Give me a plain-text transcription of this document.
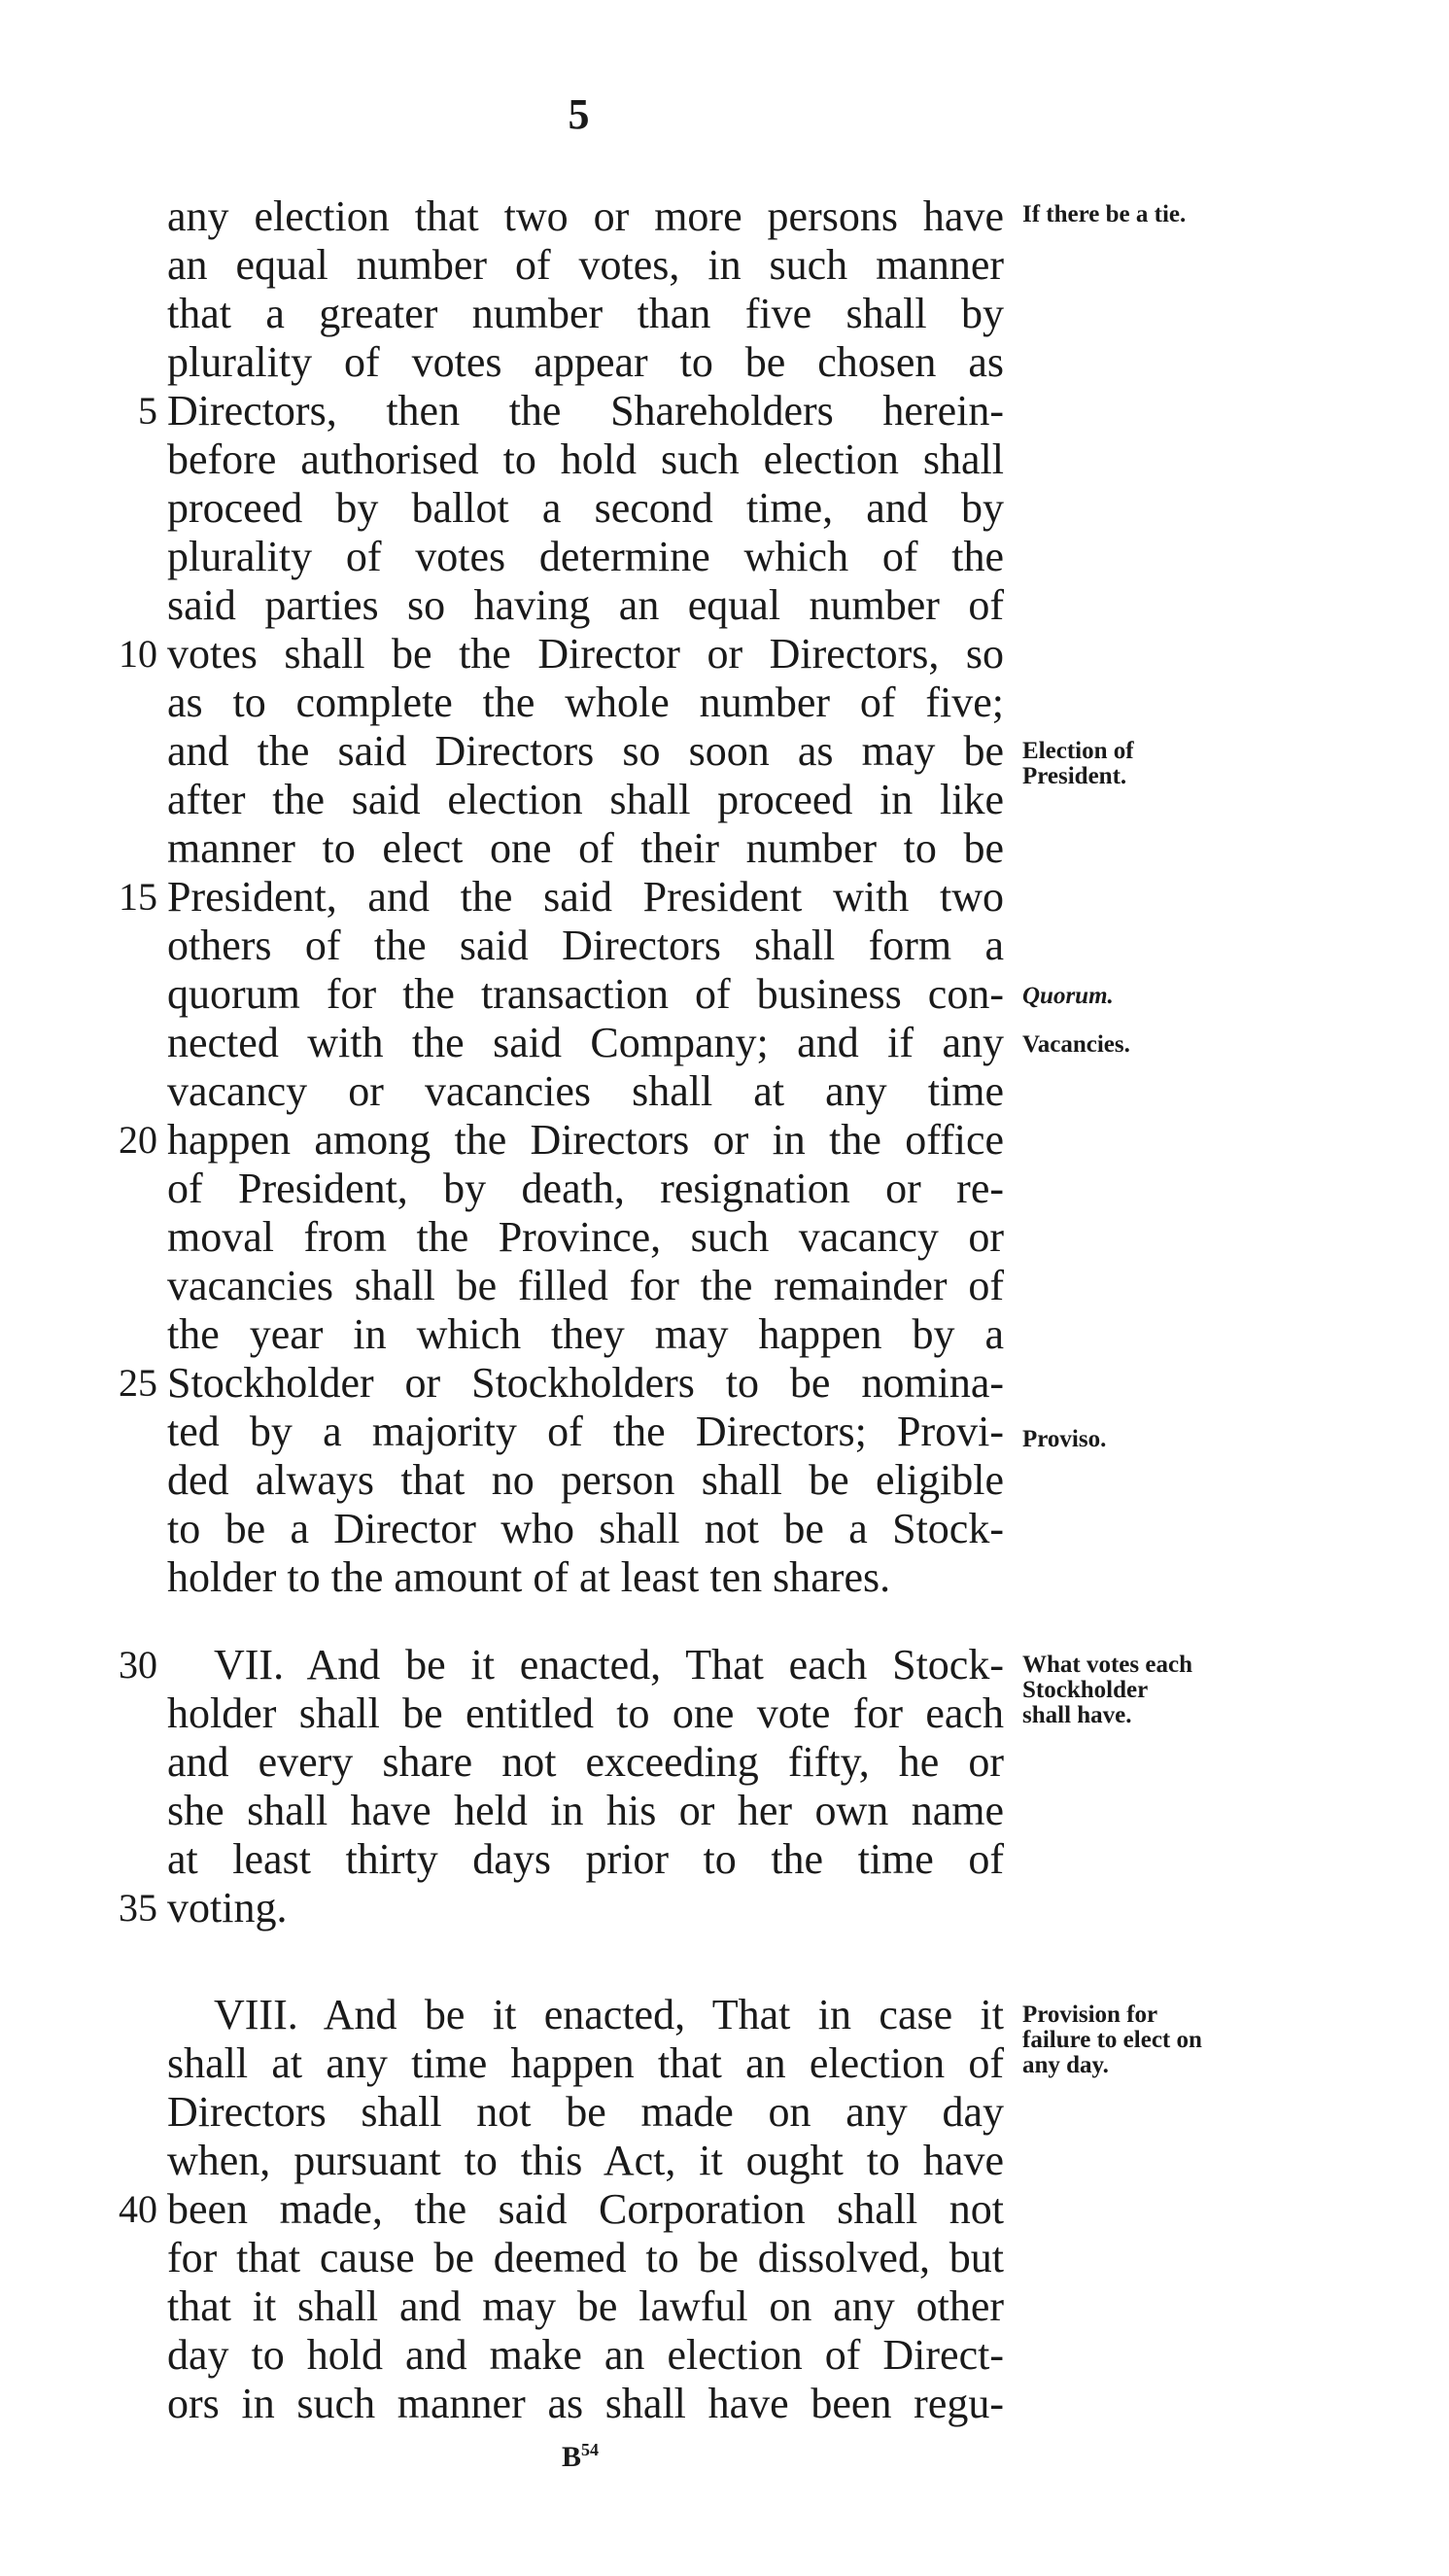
5
any election that two or more persons have
an equal number of votes, in such manner
that a greater number than five shall by
plurality of votes appear to be chosen as
Directors, then the Shareholders herein-
before authorised to hold such election shall
proceed by ballot a second time, and by
plurality of votes determine which of the
said parties so having an equal number of
votes shall be the Director or Directors, so
as to complete the whole number of five;
and the said Directors so soon as may be
after the said election shall proceed in like
manner to elect one of their number to be
President, and the said President with two
others of the said Directors shall form a
quorum for the transaction of business con-
nected with the said Company; and if any
vacancy or vacancies shall at any time
happen among the Directors or in the office
of President, by death, resignation or re-
moval from the Province, such vacancy or
vacancies shall be filled for the remainder of
the year in which they may happen by a
Stockholder or Stockholders to be nomina-
ted by a majority of the Directors; Provi-
ded always that no person shall be eligible
to be a Director who shall not be a Stock-
holder to the amount of at least ten shares.
VII. And be it enacted, That each Stock-
holder shall be entitled to one vote for each
and every share not exceeding fifty, he or
she shall have held in his or her own name
at least thirty days prior to the time of
voting.
VIII. And be it enacted, That in case it
shall at any time happen that an election of
Directors shall not be made on any day
when, pursuant to this Act, it ought to have
been made, the said Corporation shall not
for that cause be deemed to be dissolved, but
that it shall and may be lawful on any other
day to hold and make an election of Direct-
ors in such manner as shall have been regu-
5
10
15
20
25
30
35
40
If there be a tie.
Election of President.
Quorum.
Vacancies.
Proviso.
What votes each Stockholder shall have.
Provision for failure to elect on any day.
$B^{54}$
